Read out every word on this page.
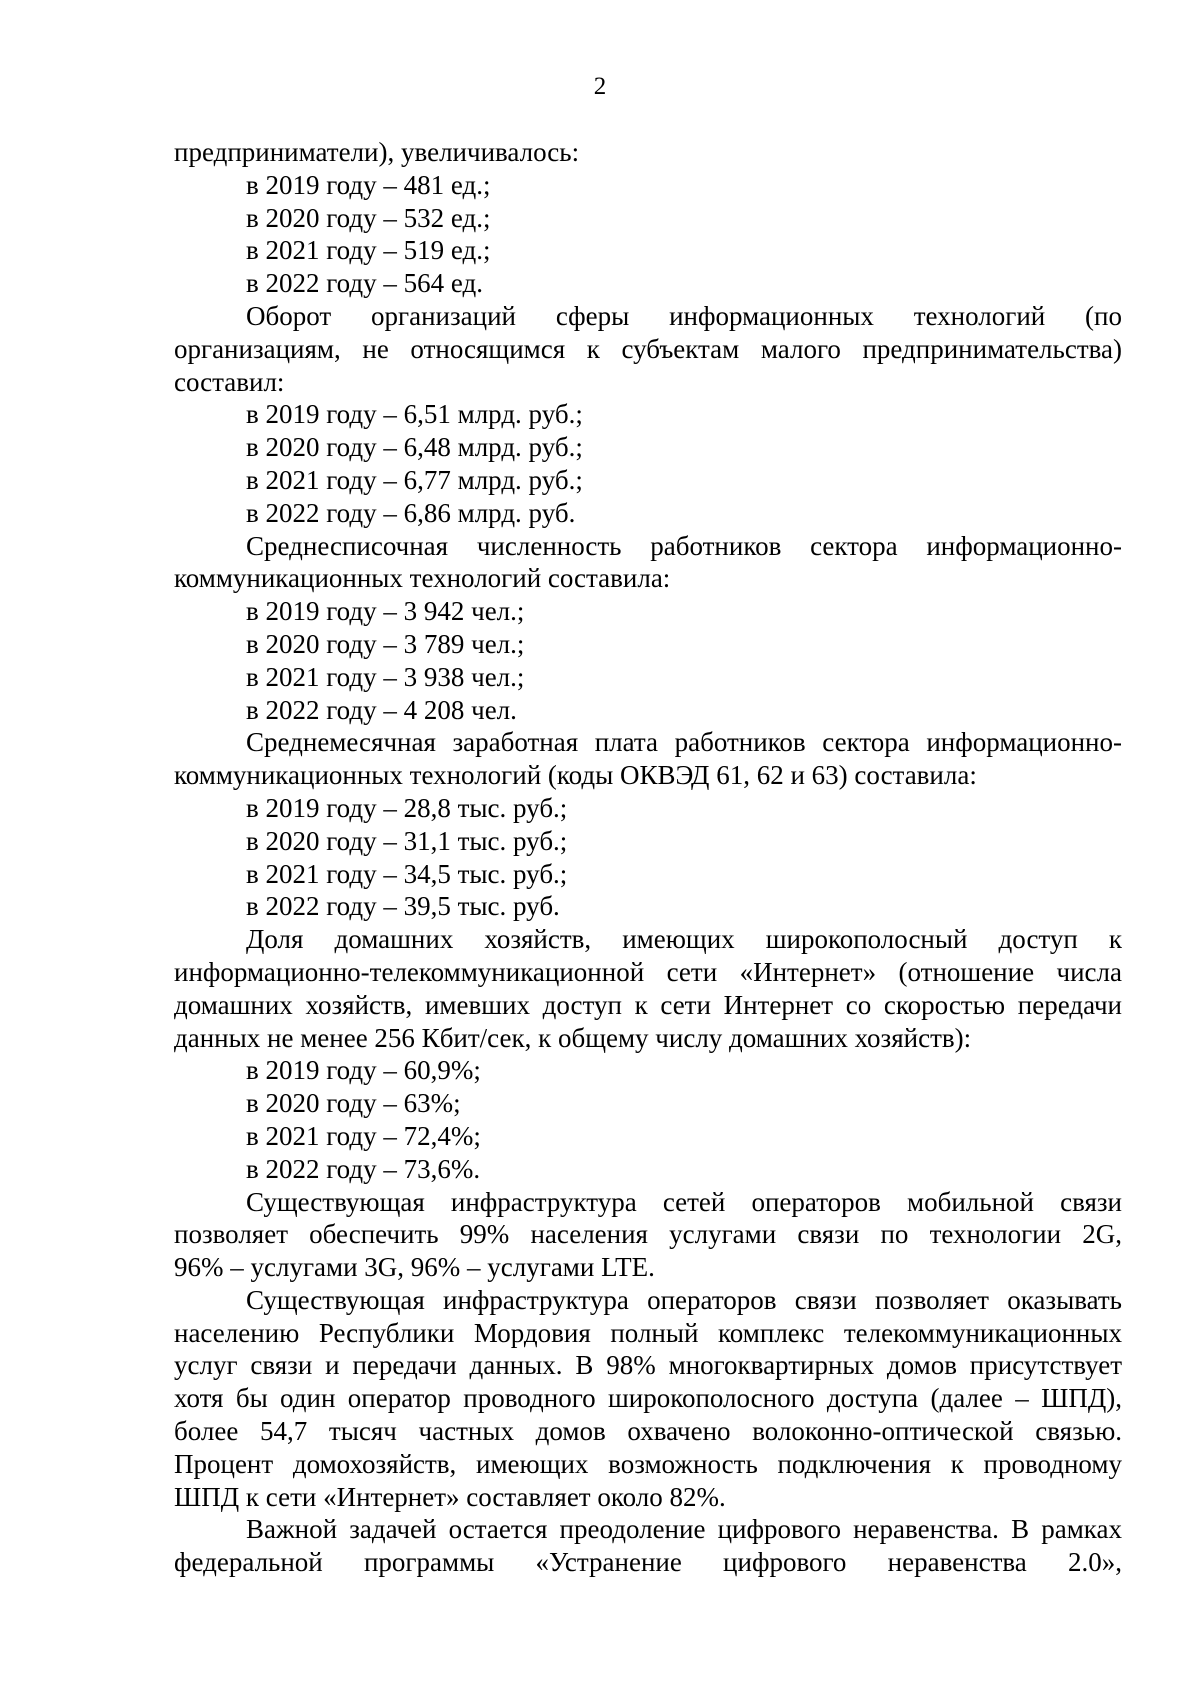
2
предприниматели), увеличивалось:
в 2019 году – 481 ед.;
в 2020 году – 532 ед.;
в 2021 году – 519 ед.;
в 2022 году – 564 ед.
Оборот организаций сферы информационных технологий (по
организациям, не относящимся к субъектам малого предпринимательства)
составил:
в 2019 году – 6,51 млрд. руб.;
в 2020 году – 6,48 млрд. руб.;
в 2021 году – 6,77 млрд. руб.;
в 2022 году – 6,86 млрд. руб.
Среднесписочная численность работников сектора информационно-
коммуникационных технологий составила:
в 2019 году – 3 942 чел.;
в 2020 году – 3 789 чел.;
в 2021 году – 3 938 чел.;
в 2022 году – 4 208 чел.
Среднемесячная заработная плата работников сектора информационно-
коммуникационных технологий (коды ОКВЭД 61, 62 и 63) составила:
в 2019 году – 28,8 тыс. руб.;
в 2020 году – 31,1 тыс. руб.;
в 2021 году – 34,5 тыс. руб.;
в 2022 году – 39,5 тыс. руб.
Доля домашних хозяйств, имеющих широкополосный доступ к
информационно-телекоммуникационной сети «Интернет» (отношение числа
домашних хозяйств, имевших доступ к сети Интернет со скоростью передачи
данных не менее 256 Кбит/сек, к общему числу домашних хозяйств):
в 2019 году – 60,9%;
в 2020 году – 63%;
в 2021 году – 72,4%;
в 2022 году – 73,6%.
Существующая инфраструктура сетей операторов мобильной связи
позволяет обеспечить 99% населения услугами связи по технологии 2G,
96% – услугами 3G, 96% – услугами LTE.
Существующая инфраструктура операторов связи позволяет оказывать
населению Республики Мордовия полный комплекс телекоммуникационных
услуг связи и передачи данных. В 98% многоквартирных домов присутствует
хотя бы один оператор проводного широкополосного доступа (далее – ШПД),
более 54,7 тысяч частных домов охвачено волоконно-оптической связью.
Процент домохозяйств, имеющих возможность подключения к проводному
ШПД к сети «Интернет» составляет около 82%.
Важной задачей остается преодоление цифрового неравенства. В рамках
федеральной программы «Устранение цифрового неравенства 2.0»,
